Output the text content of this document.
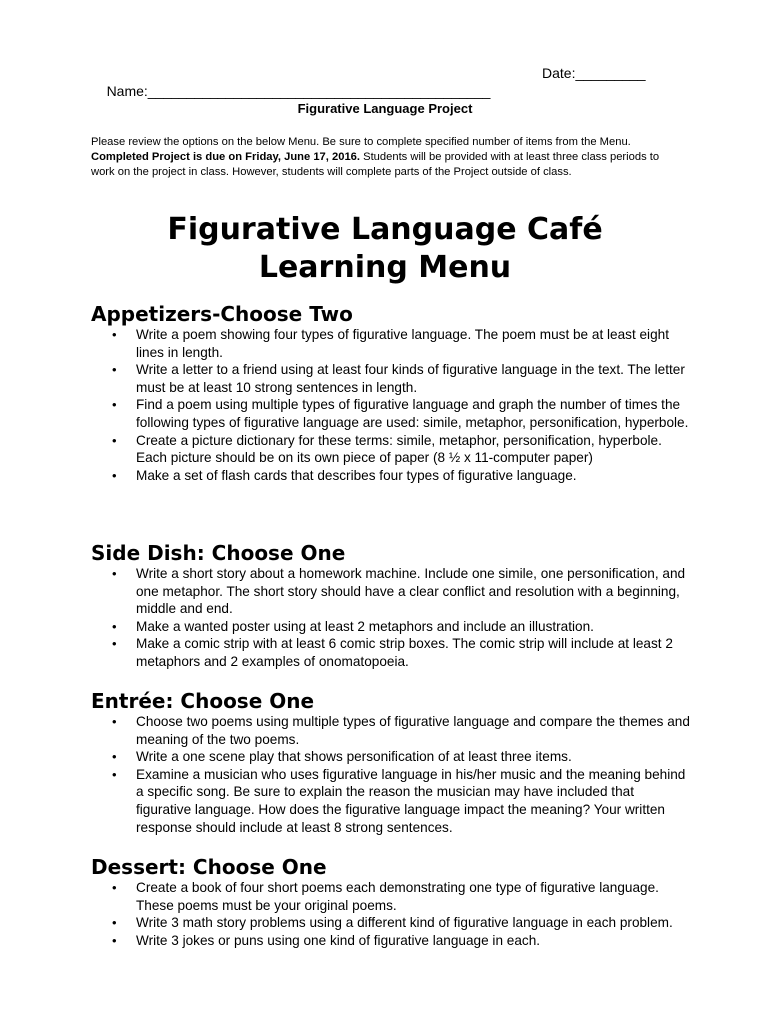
Name:____________________________________________

Date:_________

Figurative Language Project
Please review the options on the below Menu. Be sure to complete specified number of items from the Menu. Completed Project is due on Friday, June 17, 2016. Students will be provided with at least three class periods to work on the project in class. However, students will complete parts of the Project outside of class.
Figurative Language Café
Learning Menu
Appetizers-Choose Two
• Write a poem showing four types of figurative language. The poem must be at least eight lines in length.
• Write a letter to a friend using at least four kinds of figurative language in the text. The letter must be at least 10 strong sentences in length.
• Find a poem using multiple types of figurative language and graph the number of times the following types of figurative language are used: simile, metaphor, personification, hyperbole.
• Create a picture dictionary for these terms: simile, metaphor, personification, hyperbole. Each picture should be on its own piece of paper (8 ½ x 11-computer paper)
• Make a set of flash cards that describes four types of figurative language.
Side Dish: Choose One
• Write a short story about a homework machine. Include one simile, one personification, and one metaphor. The short story should have a clear conflict and resolution with a beginning, middle and end.
• Make a wanted poster using at least 2 metaphors and include an illustration.
• Make a comic strip with at least 6 comic strip boxes. The comic strip will include at least 2 metaphors and 2 examples of onomatopoeia.
Entrée: Choose One
• Choose two poems using multiple types of figurative language and compare the themes and meaning of the two poems.
• Write a one scene play that shows personification of at least three items.
• Examine a musician who uses figurative language in his/her music and the meaning behind a specific song. Be sure to explain the reason the musician may have included that figurative language. How does the figurative language impact the meaning? Your written response should include at least 8 strong sentences.
Dessert: Choose One
• Create a book of four short poems each demonstrating one type of figurative language. These poems must be your original poems.
• Write 3 math story problems using a different kind of figurative language in each problem.
• Write 3 jokes or puns using one kind of figurative language in each.
